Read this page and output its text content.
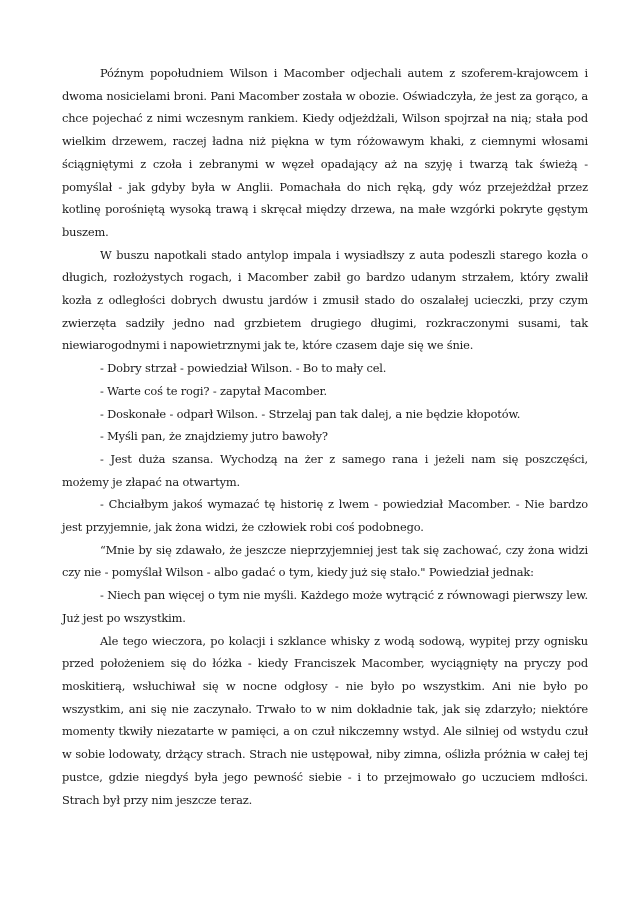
Późnym popołudniem Wilson i Macomber odjechali autem z szoferem-krajowcem i dwoma nosicielami broni. Pani Macomber została w obozie. Oświadczyła, że jest za gorąco, a chce pojechać z nimi wczesnym rankiem. Kiedy odjeżdżali, Wilson spojrzał na nią; stała pod wielkim drzewem, raczej ładna niż piękna w tym różowawym khaki, z ciemnymi włosami ściągniętymi z czoła i zebranymi w węzeł opadający aż na szyję i twarzą tak świeżą - pomyślał - jak gdyby była w Anglii. Pomachała do nich ręką, gdy wóz przejeżdżał przez kotlinę porośniętą wysoką trawą i skręcał między drzewa, na małe wzgórki pokryte gęstym buszem.

W buszu napotkali stado antylop impala i wysiadłszy z auta podeszli starego kozła o długich, rozłożystych rogach, i Macomber zabił go bardzo udanym strzałem, który zwalił kozła z odległości dobrych dwustu jardów i zmusił stado do oszalałej ucieczki, przy czym zwierzęta sadziły jedno nad grzbietem drugiego długimi, rozkraczonymi susami, tak niewiarogodnymi i napowietrznymi jak te, które czasem daje się we śnie.

- Dobry strzał - powiedział Wilson. - Bo to mały cel.

- Warte coś te rogi? - zapytał Macomber.

- Doskonałe - odparł Wilson. - Strzelaj pan tak dalej, a nie będzie kłopotów.

- Myśli pan, że znajdziemy jutro bawoły?

- Jest duża szansa. Wychodzą na żer z samego rana i jeżeli nam się poszczęści, możemy je złapać na otwartym.

- Chciałbym jakoś wymazać tę historię z lwem - powiedział Macomber. - Nie bardzo jest przyjemnie, jak żona widzi, że człowiek robi coś podobnego.

“Mnie by się zdawało, że jeszcze nieprzyjemniej jest tak się zachować, czy żona widzi czy nie - pomyślał Wilson - albo gadać o tym, kiedy już się stało." Powiedział jednak:

- Niech pan więcej o tym nie myśli. Każdego może wytrącić z równowagi pierwszy lew. Już jest po wszystkim.

Ale tego wieczora, po kolacji i szklance whisky z wodą sodową, wypitej przy ognisku przed położeniem się do łóżka - kiedy Franciszek Macomber, wyciągnięty na pryczy pod moskitierą, wsłuchiwał się w nocne odgłosy - nie było po wszystkim. Ani nie było po wszystkim, ani się nie zaczynało. Trwało to w nim dokładnie tak, jak się zdarzyło; niektóre momenty tkwiły niezatarte w pamięci, a on czuł nikczemny wstyd. Ale silniej od wstydu czuł w sobie lodowaty, drżący strach. Strach nie ustępował, niby zimna, oślizła próżnia w całej tej pustce, gdzie niegdyś była jego pewność siebie - i to przejmowało go uczuciem mdłości. Strach był przy nim jeszcze teraz.
